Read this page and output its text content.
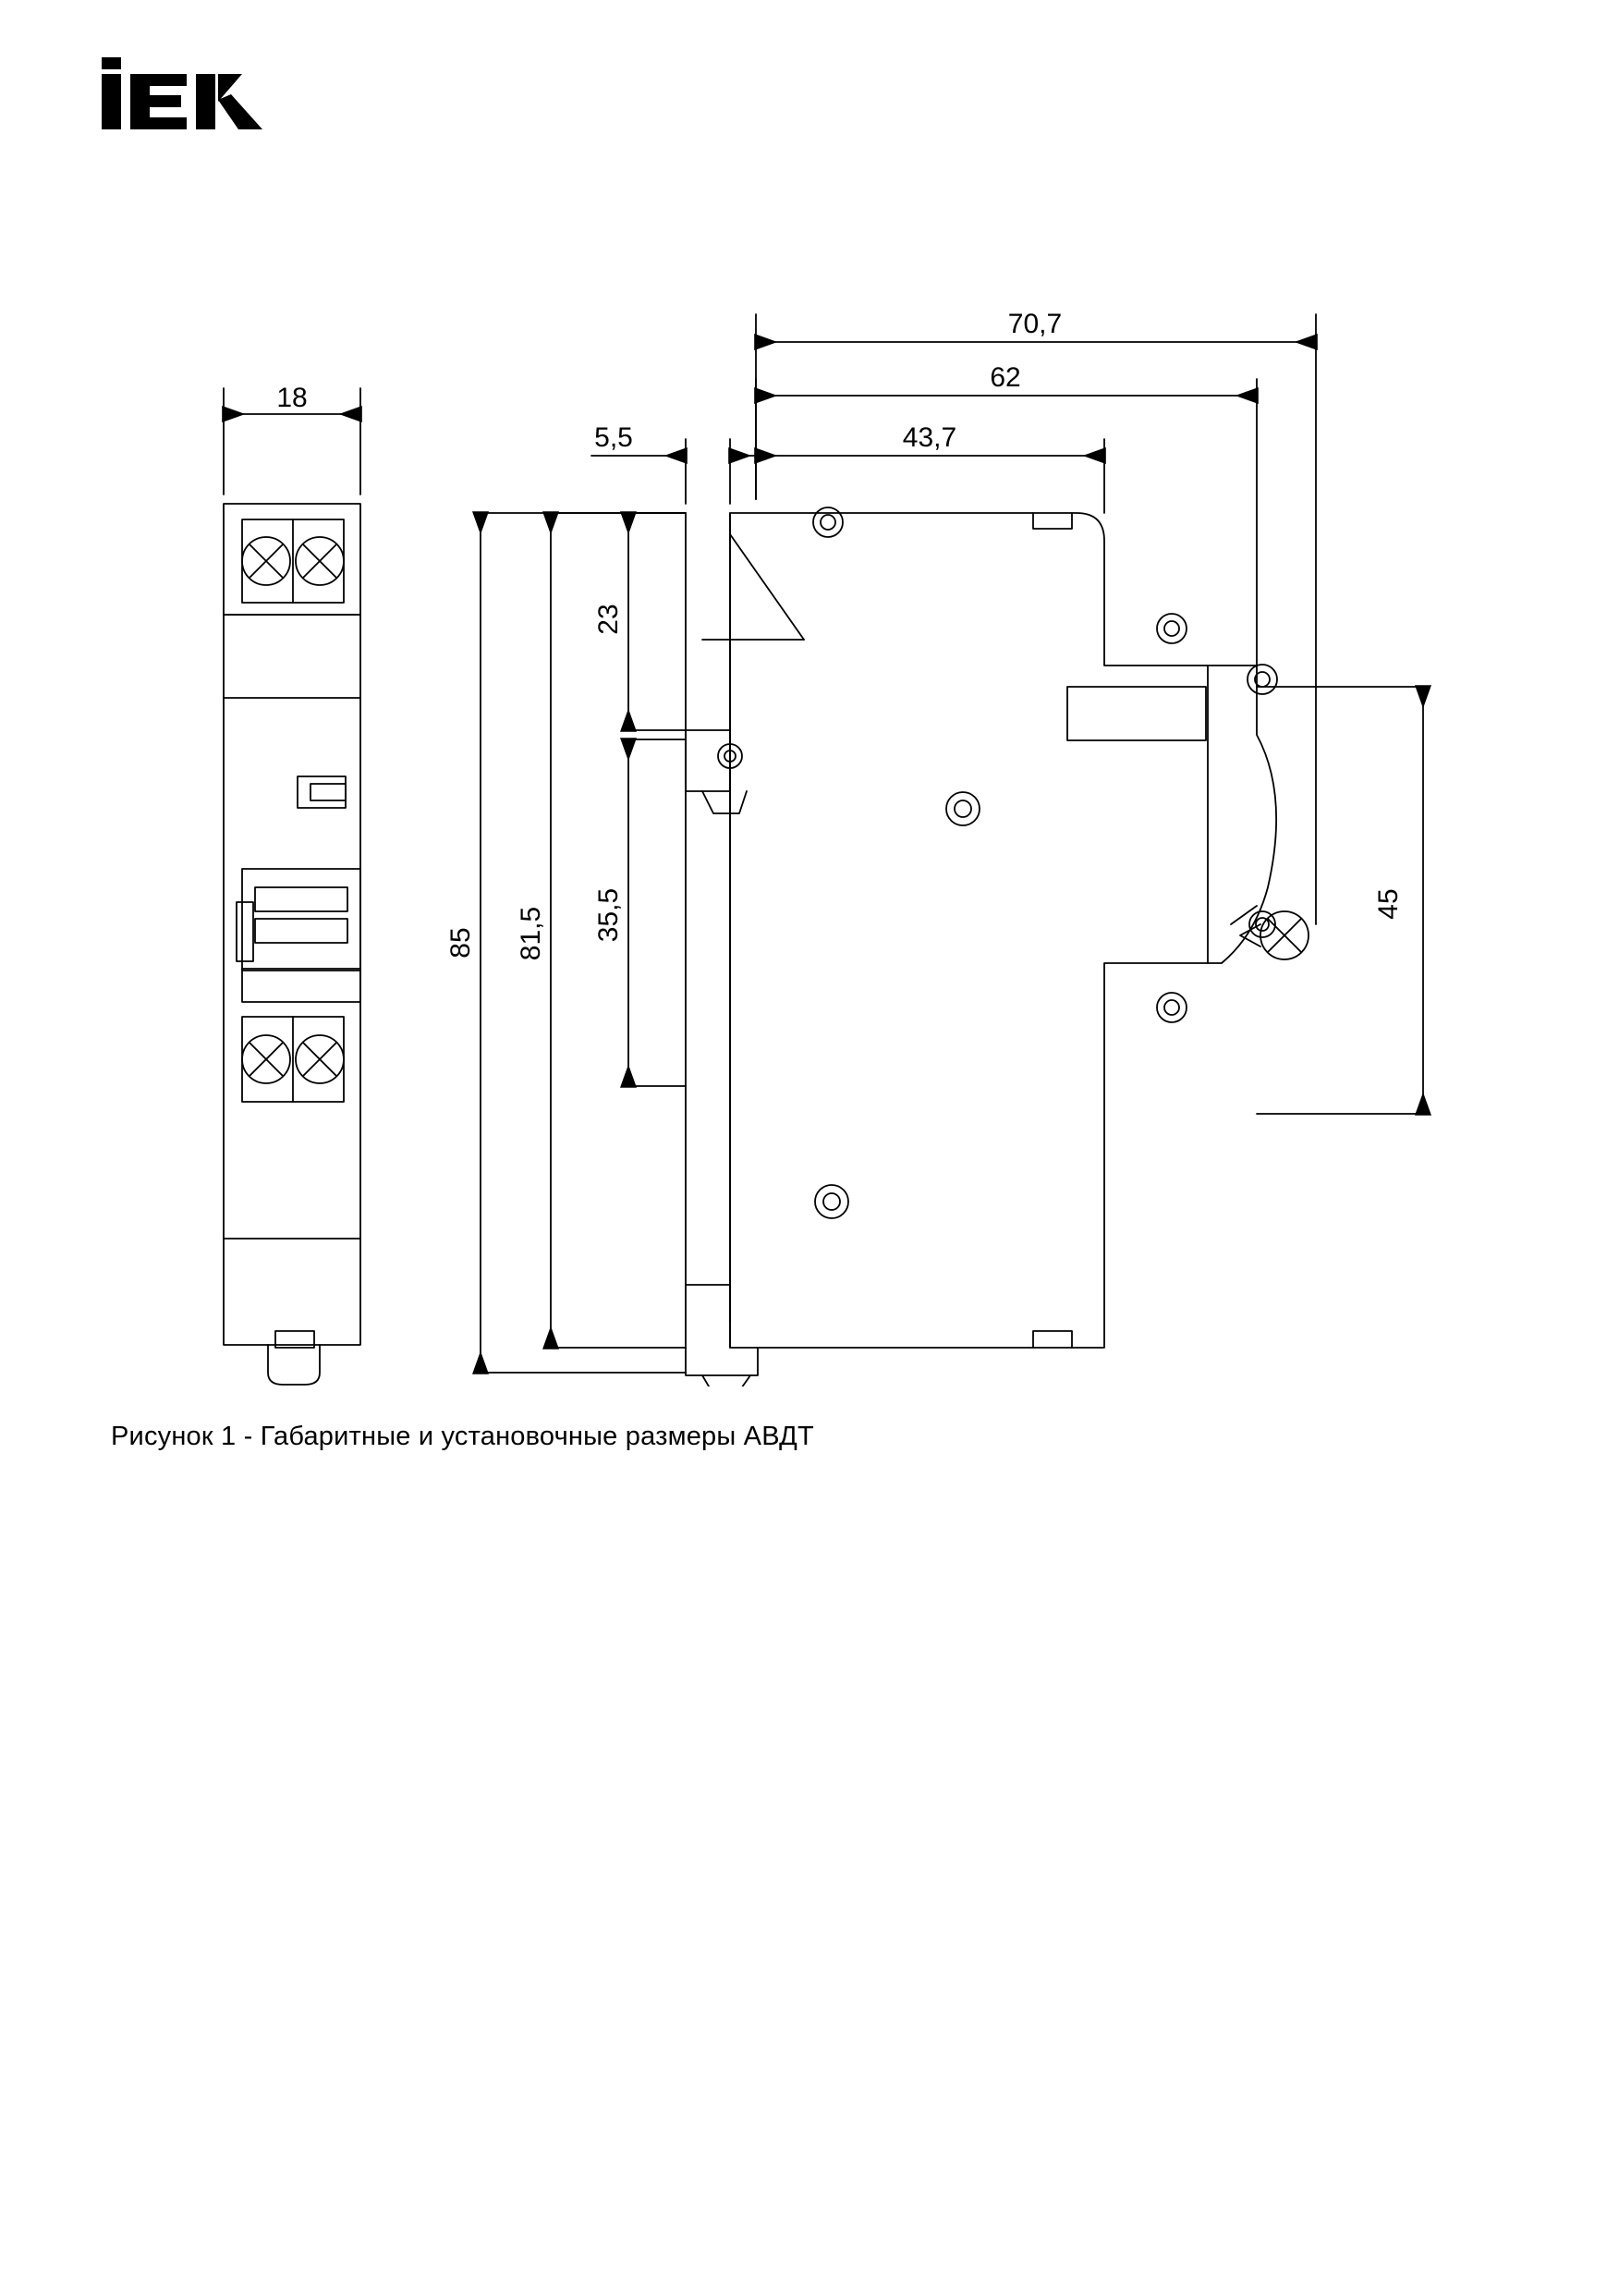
18
70,7
62
43,7
5,5
85 81,5
23
35,5	45
Рисунок 1 - Габаритные и установочные размеры АВДТ
